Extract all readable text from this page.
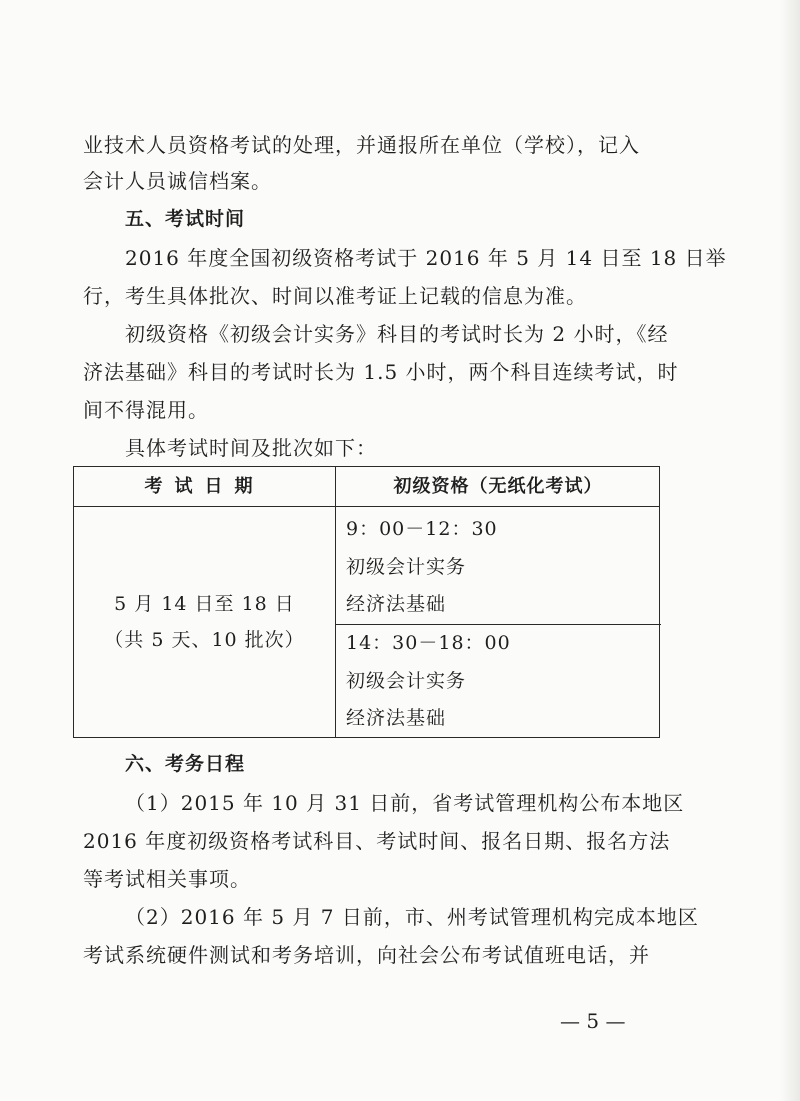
业技术人员资格考试的处理，并通报所在单位（学校），记入
会计人员诚信档案。
五、考试时间
2016 年度全国初级资格考试于 2016 年 5 月 14 日至 18 日举
行，考生具体批次、时间以准考证上记载的信息为准。
初级资格《初级会计实务》科目的考试时长为 2 小时，《经
济法基础》科目的考试时长为 1.5 小时，两个科目连续考试，时
间不得混用。
具体考试时间及批次如下：
考试日期	初级资格（无纸化考试）
5 月 14 日至 18 日
（共 5 天、10 批次）
9：00－12：30
初级会计实务
经济法基础
14：30－18：00
初级会计实务
经济法基础
六、考务日程
（1）2015 年 10 月 31 日前，省考试管理机构公布本地区
2016 年度初级资格考试科目、考试时间、报名日期、报名方法
等考试相关事项。
（2）2016 年 5 月 7 日前，市、州考试管理机构完成本地区
考试系统硬件测试和考务培训，向社会公布考试值班电话，并
— 5 —
